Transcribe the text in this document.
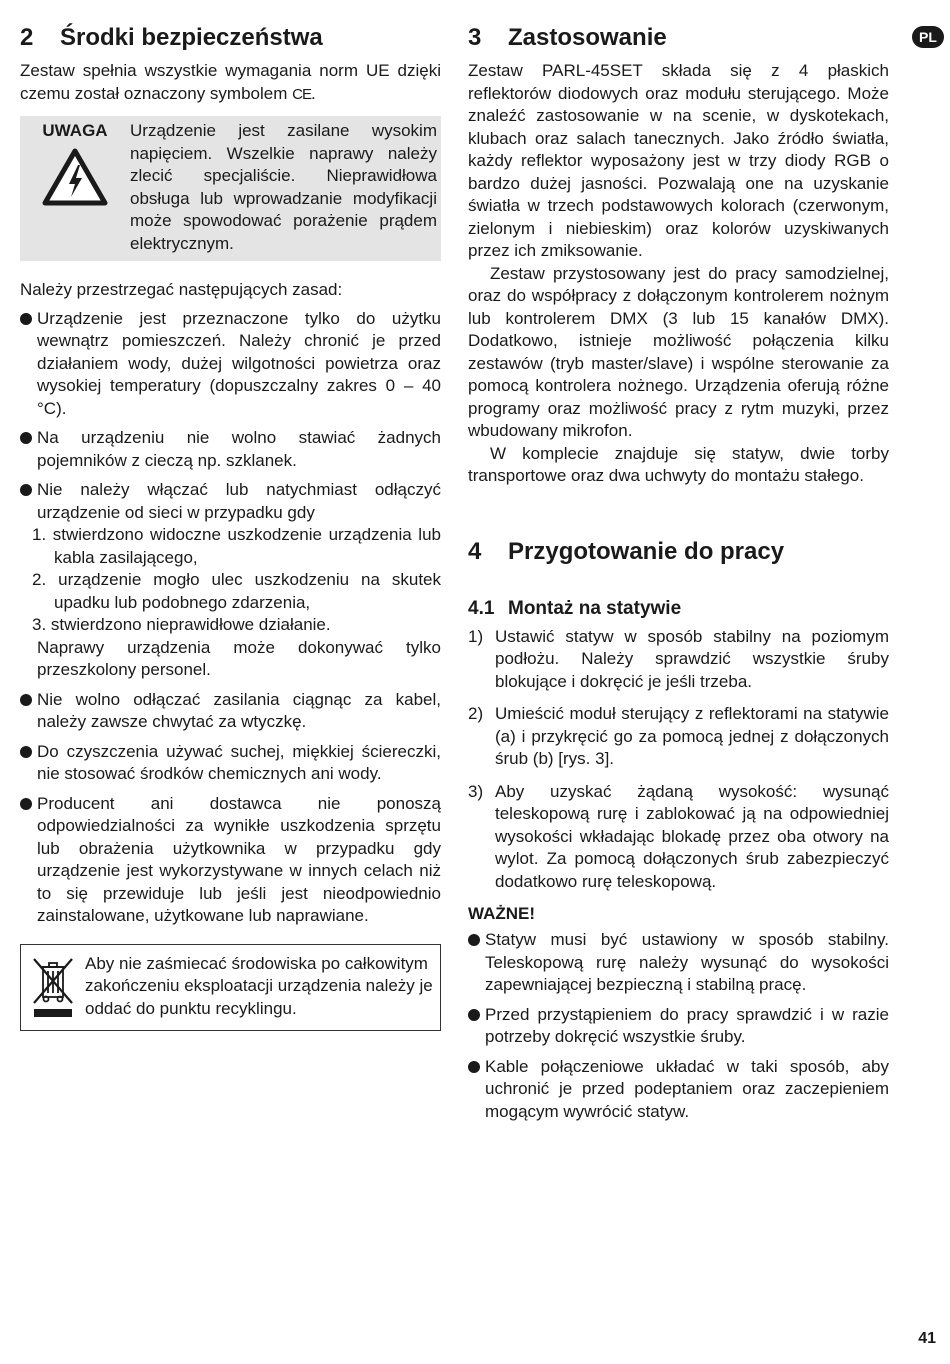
2	Środki bezpieczeństwa

Zestaw spełnia wszystkie wymagania norm UE dzięki czemu został oznaczony symbolem CE.

UWAGA Urządzenie jest zasilane wysokim napięciem. Wszelkie naprawy należy zlecić specjaliście. Nieprawidłowa obsługa lub wprowadzanie modyfikacji może spowodować porażenie prądem elektrycznym.

Należy przestrzegać następujących zasad:

Urządzenie jest przeznaczone tylko do użytku wewnątrz pomieszczeń. Należy chronić je przed działaniem wody, dużej wilgotności powietrza oraz wysokiej temperatury (dopuszczalny zakres 0 – 40 °C).
Na urządzeniu nie wolno stawiać żadnych pojemników z cieczą np. szklanek.
Nie należy włączać lub natychmiast odłączyć urządzenie od sieci w przypadku gdy
1. stwierdzono widoczne uszkodzenie urządzenia lub kabla zasilającego,
2. urządzenie mogło ulec uszkodzeniu na skutek upadku lub podobnego zdarzenia,
3. stwierdzono nieprawidłowe działanie.
Naprawy urządzenia może dokonywać tylko przeszkolony personel.
Nie wolno odłączać zasilania ciągnąc za kabel, należy zawsze chwytać za wtyczkę.
Do czyszczenia używać suchej, miękkiej ściereczki, nie stosować środków chemicznych ani wody.
Producent ani dostawca nie ponoszą odpowiedzialności za wynikłe uszkodzenia sprzętu lub obrażenia użytkownika w przypadku gdy urządzenie jest wykorzystywane w innych celach niż to się przewiduje lub jeśli jest nieodpowiednio zainstalowane, użytkowane lub naprawiane.
Aby nie zaśmiecać środowiska po całkowitym zakończeniu eksploatacji urządzenia należy je oddać do punktu recyklingu.
3	Zastosowanie

Zestaw PARL-45SET składa się z 4 płaskich reflektorów diodowych oraz modułu sterującego. Może znaleźć zastosowanie w na scenie, w dyskotekach, klubach oraz salach tanecznych. Jako źródło światła, każdy reflektor wyposażony jest w trzy diody RGB o bardzo dużej jasności. Pozwalają one na uzyskanie światła w trzech podstawowych kolorach (czerwonym, zielonym i niebieskim) oraz kolorów uzyskiwanych przez ich zmiksowanie.

Zestaw przystosowany jest do pracy samodzielnej, oraz do współpracy z dołączonym kontrolerem nożnym lub kontrolerem DMX (3 lub 15 kanałów DMX). Dodatkowo, istnieje możliwość połączenia kilku zestawów (tryb master/slave) i wspólne sterowanie za pomocą kontrolera nożnego. Urządzenia oferują różne programy oraz możliwość pracy z rytm muzyki, przez wbudowany mikrofon.

W komplecie znajduje się statyw, dwie torby transportowe oraz dwa uchwyty do montażu stałego.

4	Przygotowanie do pracy
4.1 Montaż na statywie
1) Ustawić statyw w sposób stabilny na poziomym podłożu. Należy sprawdzić wszystkie śruby blokujące i dokręcić je jeśli trzeba.
2) Umieścić moduł sterujący z reflektorami na statywie (a) i przykręcić go za pomocą jednej z dołączonych śrub (b) [rys. 3].
3) Aby uzyskać żądaną wysokość: wysunąć teleskopową rurę i zablokować ją na odpowiedniej wysokości wkładając blokadę przez oba otwory na wylot. Za pomocą dołączonych śrub zabezpieczyć dodatkowo rurę teleskopową.
WAŻNE!
Statyw musi być ustawiony w sposób stabilny. Teleskopową rurę należy wysunąć do wysokości zapewniającej bezpieczną i stabilną pracę.
Przed przystąpieniem do pracy sprawdzić i w razie potrzeby dokręcić wszystkie śruby.
Kable połączeniowe układać w taki sposób, aby uchronić je przed podeptaniem oraz zaczepieniem mogącym wywrócić statyw.
PL
41
